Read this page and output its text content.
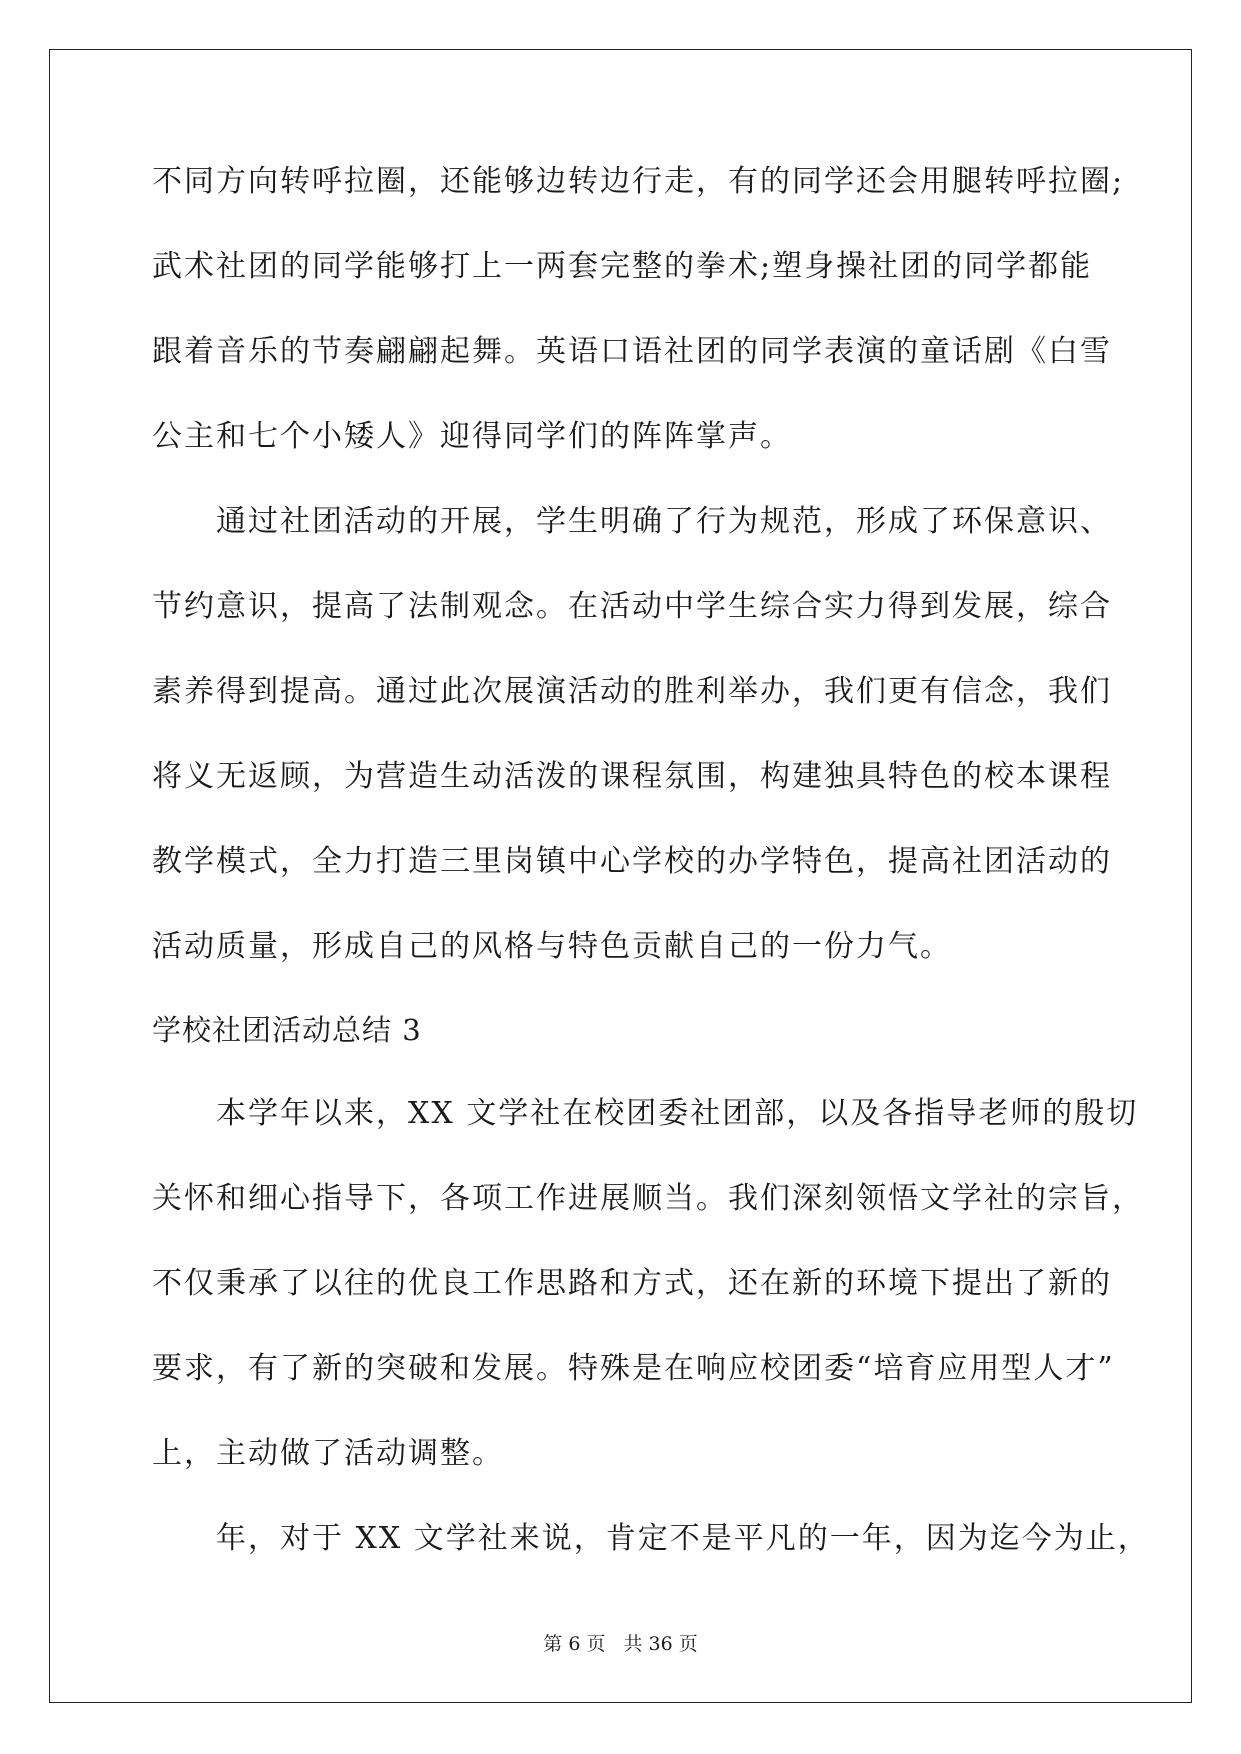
不同方向转呼拉圈，还能够边转边行走，有的同学还会用腿转呼拉圈;
武术社团的同学能够打上一两套完整的拳术;塑身操社团的同学都能
跟着音乐的节奏翩翩起舞。英语口语社团的同学表演的童话剧《白雪
公主和七个小矮人》迎得同学们的阵阵掌声。
　　通过社团活动的开展，学生明确了行为规范，形成了环保意识、
节约意识，提高了法制观念。在活动中学生综合实力得到发展，综合
素养得到提高。通过此次展演活动的胜利举办，我们更有信念，我们
将义无返顾，为营造生动活泼的课程氛围，构建独具特色的校本课程
教学模式，全力打造三里岗镇中心学校的办学特色，提高社团活动的
活动质量，形成自己的风格与特色贡献自己的一份力气。
学校社团活动总结 3
　　本学年以来，XX 文学社在校团委社团部，以及各指导老师的殷切
关怀和细心指导下，各项工作进展顺当。我们深刻领悟文学社的宗旨，
不仅秉承了以往的优良工作思路和方式，还在新的环境下提出了新的
要求，有了新的突破和发展。特殊是在响应校团委“培育应用型人才”
上，主动做了活动调整。
　　年，对于 XX 文学社来说，肯定不是平凡的一年，因为迄今为止，
第 6 页 共 36 页
